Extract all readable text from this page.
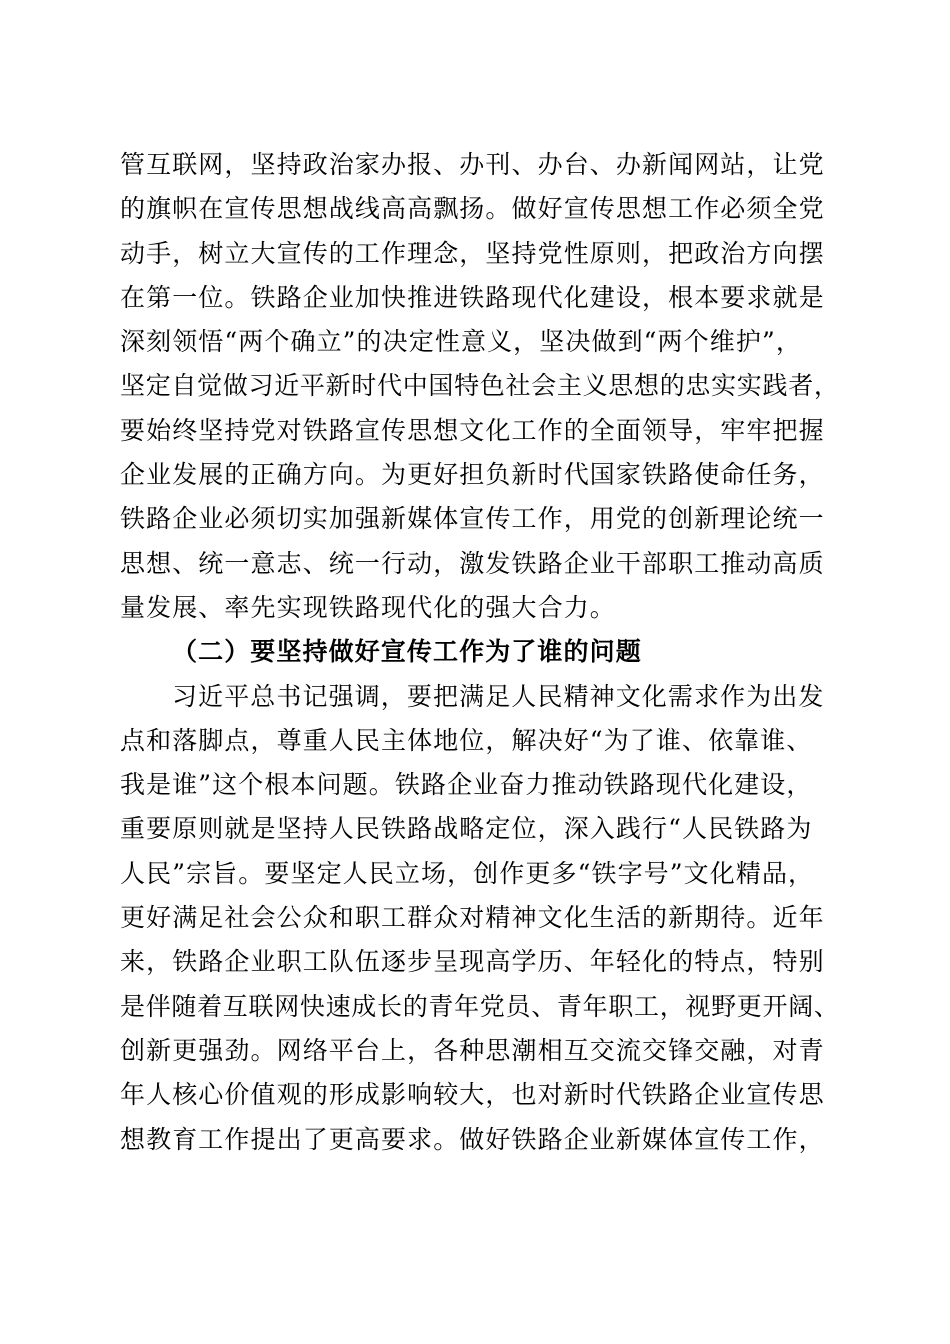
管互联网，坚持政治家办报、办刊、办台、办新闻网站，让党
的旗帜在宣传思想战线高高飘扬。做好宣传思想工作必须全党
动手，树立大宣传的工作理念，坚持党性原则，把政治方向摆
在第一位。铁路企业加快推进铁路现代化建设，根本要求就是
深刻领悟“两个确立”的决定性意义，坚决做到“两个维护”，
坚定自觉做习近平新时代中国特色社会主义思想的忠实实践者，
要始终坚持党对铁路宣传思想文化工作的全面领导，牢牢把握
企业发展的正确方向。为更好担负新时代国家铁路使命任务，
铁路企业必须切实加强新媒体宣传工作，用党的创新理论统一
思想、统一意志、统一行动，激发铁路企业干部职工推动高质
量发展、率先实现铁路现代化的强大合力。
（二）要坚持做好宣传工作为了谁的问题
习近平总书记强调，要把满足人民精神文化需求作为出发
点和落脚点，尊重人民主体地位，解决好“为了谁、依靠谁、
我是谁”这个根本问题。铁路企业奋力推动铁路现代化建设，
重要原则就是坚持人民铁路战略定位，深入践行“人民铁路为
人民”宗旨。要坚定人民立场，创作更多“铁字号”文化精品，
更好满足社会公众和职工群众对精神文化生活的新期待。近年
来，铁路企业职工队伍逐步呈现高学历、年轻化的特点，特别
是伴随着互联网快速成长的青年党员、青年职工，视野更开阔、
创新更强劲。网络平台上，各种思潮相互交流交锋交融，对青
年人核心价值观的形成影响较大，也对新时代铁路企业宣传思
想教育工作提出了更高要求。做好铁路企业新媒体宣传工作，
